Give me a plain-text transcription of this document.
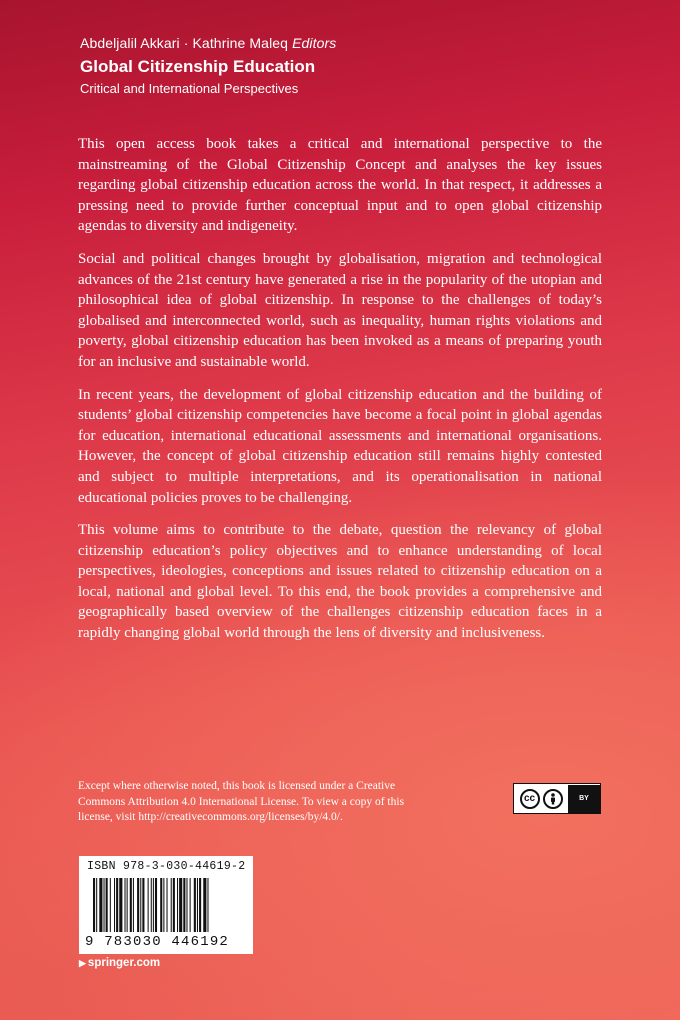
Abdeljalil Akkari · Kathrine Maleq Editors
Global Citizenship Education
Critical and International Perspectives

This open access book takes a critical and international perspective to the mainstreaming of the Global Citizenship Concept and analyses the key issues regarding global citizenship education across the world. In that respect, it addresses a pressing need to provide further conceptual input and to open global citizenship agendas to diversity and indigeneity.

Social and political changes brought by globalisation, migration and technological advances of the 21st century have generated a rise in the popularity of the utopian and philosophical idea of global citizenship. In response to the challenges of today’s globalised and interconnected world, such as inequality, human rights violations and poverty, global citizenship education has been invoked as a means of preparing youth for an inclusive and sustainable world.

In recent years, the development of global citizenship education and the building of students’ global citizenship competencies have become a focal point in global agendas for education, international educational assessments and international organisations. However, the concept of global citizenship education still remains highly contested and subject to multiple interpretations, and its operationalisation in national educational policies proves to be challenging.

This volume aims to contribute to the debate, question the relevancy of global citizenship education’s policy objectives and to enhance understanding of local perspectives, ideologies, conceptions and issues related to citizenship education on a local, national and global level. To this end, the book provides a comprehensive and geographically based overview of the challenges citizenship education faces in a rapidly changing global world through the lens of diversity and inclusiveness.

Except where otherwise noted, this book is licensed under a Creative Commons Attribution 4.0 International License. To view a copy of this license, visit http://creativecommons.org/licenses/by/4.0/.
cc	BY
ISBN 978-3-030-44619-2
9 783030 446192
▶ springer.com
